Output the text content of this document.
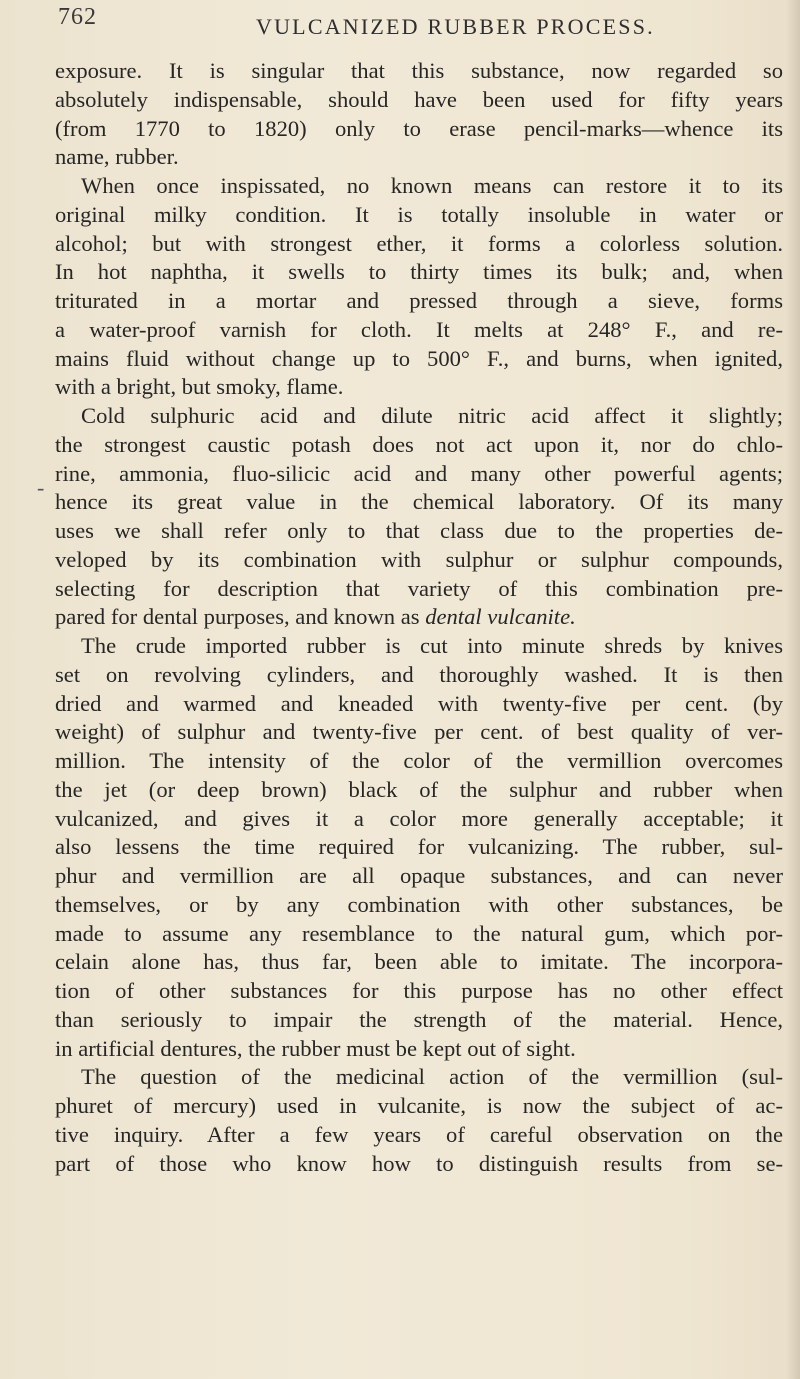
762	VULCANIZED RUBBER PROCESS.
-
exposure. It is singular that this substance, now regarded so
absolutely indispensable, should have been used for fifty years
(from 1770 to 1820) only to erase pencil-marks—whence its
name, rubber.
When once inspissated, no known means can restore it to its
original milky condition. It is totally insoluble in water or
alcohol; but with strongest ether, it forms a colorless solution.
In hot naphtha, it swells to thirty times its bulk; and, when
triturated in a mortar and pressed through a sieve, forms
a water-proof varnish for cloth. It melts at 248° F., and re-
mains fluid without change up to 500° F., and burns, when ignited,
with a bright, but smoky, flame.
Cold sulphuric acid and dilute nitric acid affect it slightly;
the strongest caustic potash does not act upon it, nor do chlo-
rine, ammonia, fluo-silicic acid and many other powerful agents;
hence its great value in the chemical laboratory. Of its many
uses we shall refer only to that class due to the properties de-
veloped by its combination with sulphur or sulphur compounds,
selecting for description that variety of this combination pre-
pared for dental purposes, and known as dental vulcanite.
The crude imported rubber is cut into minute shreds by knives
set on revolving cylinders, and thoroughly washed. It is then
dried and warmed and kneaded with twenty-five per cent. (by
weight) of sulphur and twenty-five per cent. of best quality of ver-
million. The intensity of the color of the vermillion overcomes
the jet (or deep brown) black of the sulphur and rubber when
vulcanized, and gives it a color more generally acceptable; it
also lessens the time required for vulcanizing. The rubber, sul-
phur and vermillion are all opaque substances, and can never
themselves, or by any combination with other substances, be
made to assume any resemblance to the natural gum, which por-
celain alone has, thus far, been able to imitate. The incorpora-
tion of other substances for this purpose has no other effect
than seriously to impair the strength of the material. Hence,
in artificial dentures, the rubber must be kept out of sight.
The question of the medicinal action of the vermillion (sul-
phuret of mercury) used in vulcanite, is now the subject of ac-
tive inquiry. After a few years of careful observation on the
part of those who know how to distinguish results from se-
